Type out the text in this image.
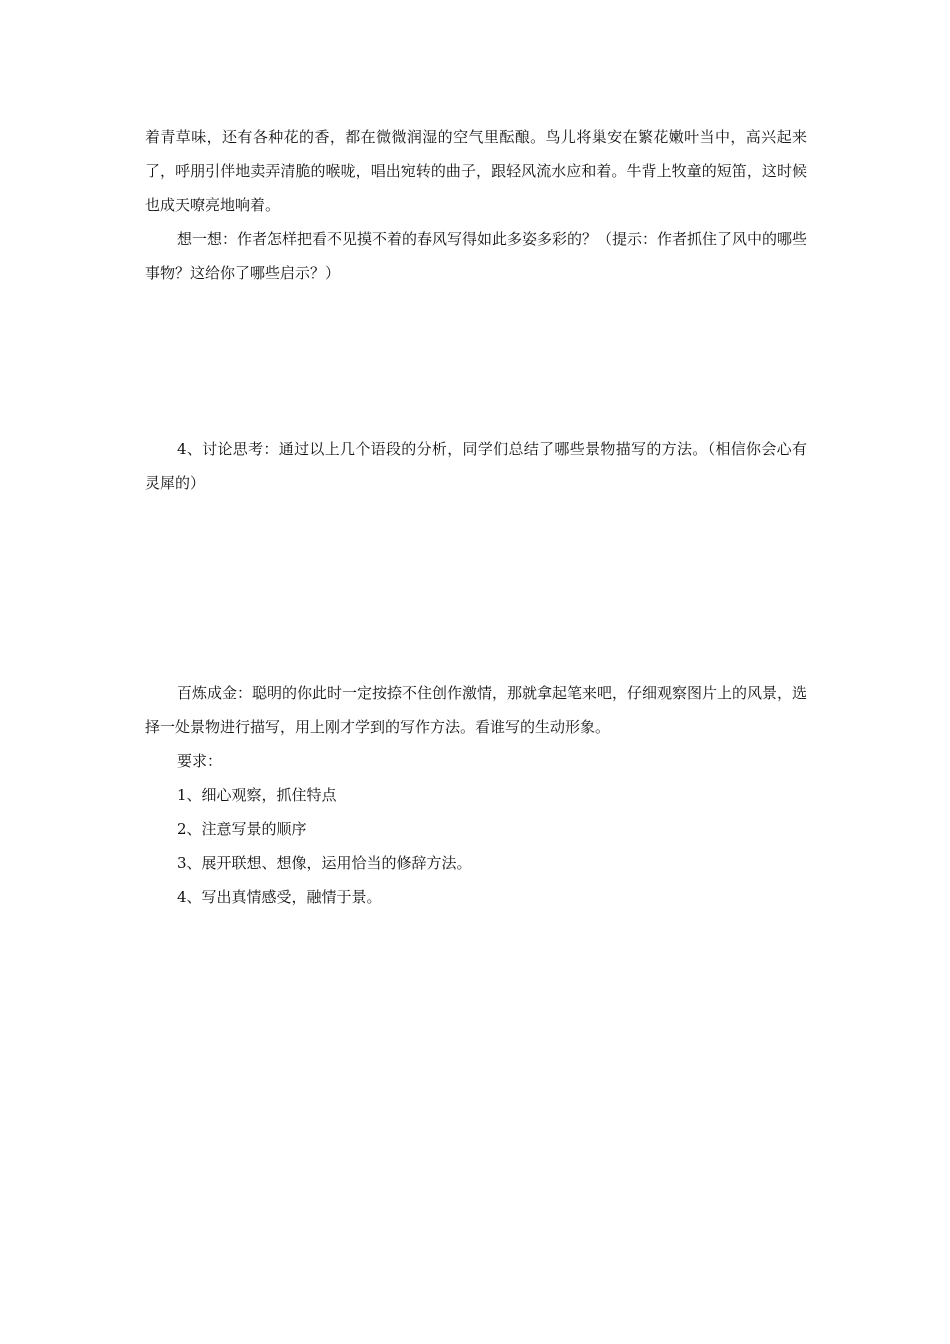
着青草味，还有各种花的香，都在微微润湿的空气里酝酿。鸟儿将巢安在繁花嫩叶当中，高兴起来了，呼朋引伴地卖弄清脆的喉咙，唱出宛转的曲子，跟轻风流水应和着。牛背上牧童的短笛，这时候也成天嘹亮地响着。

想一想：作者怎样把看不见摸不着的春风写得如此多姿多彩的？（提示：作者抓住了风中的哪些事物？这给你了哪些启示？）

4、讨论思考：通过以上几个语段的分析，同学们总结了哪些景物描写的方法。（相信你会心有灵犀的）

百炼成金：聪明的你此时一定按捺不住创作激情，那就拿起笔来吧，仔细观察图片上的风景，选择一处景物进行描写，用上刚才学到的写作方法。看谁写的生动形象。

要求：

1、细心观察，抓住特点

2、注意写景的顺序

3、展开联想、想像，运用恰当的修辞方法。

4、写出真情感受，融情于景。
